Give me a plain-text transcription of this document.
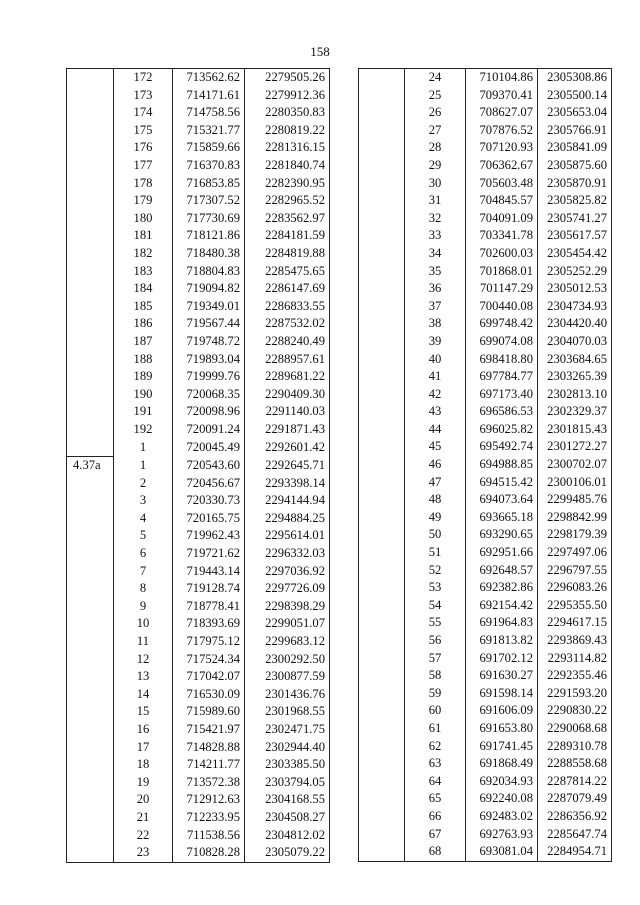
158
	172	713562.62	2279505.26
	173	714171.61	2279912.36
	174	714758.56	2280350.83
	175	715321.77	2280819.22
	176	715859.66	2281316.15
	177	716370.83	2281840.74
	178	716853.85	2282390.95
	179	717307.52	2282965.52
	180	717730.69	2283562.97
	181	718121.86	2284181.59
	182	718480.38	2284819.88
	183	718804.83	2285475.65
	184	719094.82	2286147.69
	185	719349.01	2286833.55
	186	719567.44	2287532.02
	187	719748.72	2288240.49
	188	719893.04	2288957.61
	189	719999.76	2289681.22
	190	720068.35	2290409.30
	191	720098.96	2291140.03
	192	720091.24	2291871.43
	1	720045.49	2292601.42
4.37a	1	720543.60	2292645.71
	2	720456.67	2293398.14
	3	720330.73	2294144.94
	4	720165.75	2294884.25
	5	719962.43	2295614.01
	6	719721.62	2296332.03
	7	719443.14	2297036.92
	8	719128.74	2297726.09
	9	718778.41	2298398.29
	10	718393.69	2299051.07
	11	717975.12	2299683.12
	12	717524.34	2300292.50
	13	717042.07	2300877.59
	14	716530.09	2301436.76
	15	715989.60	2301968.55
	16	715421.97	2302471.75
	17	714828.88	2302944.40
	18	714211.77	2303385.50
	19	713572.38	2303794.05
	20	712912.63	2304168.55
	21	712233.95	2304508.27
	22	711538.56	2304812.02
	23	710828.28	2305079.22
	24	710104.86	2305308.86
	25	709370.41	2305500.14
	26	708627.07	2305653.04
	27	707876.52	2305766.91
	28	707120.93	2305841.09
	29	706362.67	2305875.60
	30	705603.48	2305870.91
	31	704845.57	2305825.82
	32	704091.09	2305741.27
	33	703341.78	2305617.57
	34	702600.03	2305454.42
	35	701868.01	2305252.29
	36	701147.29	2305012.53
	37	700440.08	2304734.93
	38	699748.42	2304420.40
	39	699074.08	2304070.03
	40	698418.80	2303684.65
	41	697784.77	2303265.39
	42	697173.40	2302813.10
	43	696586.53	2302329.37
	44	696025.82	2301815.43
	45	695492.74	2301272.27
	46	694988.85	2300702.07
	47	694515.42	2300106.01
	48	694073.64	2299485.76
	49	693665.18	2298842.99
	50	693290.65	2298179.39
	51	692951.66	2297497.06
	52	692648.57	2296797.55
	53	692382.86	2296083.26
	54	692154.42	2295355.50
	55	691964.83	2294617.15
	56	691813.82	2293869.43
	57	691702.12	2293114.82
	58	691630.27	2292355.46
	59	691598.14	2291593.20
	60	691606.09	2290830.22
	61	691653.80	2290068.68
	62	691741.45	2289310.78
	63	691868.49	2288558.68
	64	692034.93	2287814.22
	65	692240.08	2287079.49
	66	692483.02	2286356.92
	67	692763.93	2285647.74
	68	693081.04	2284954.71
